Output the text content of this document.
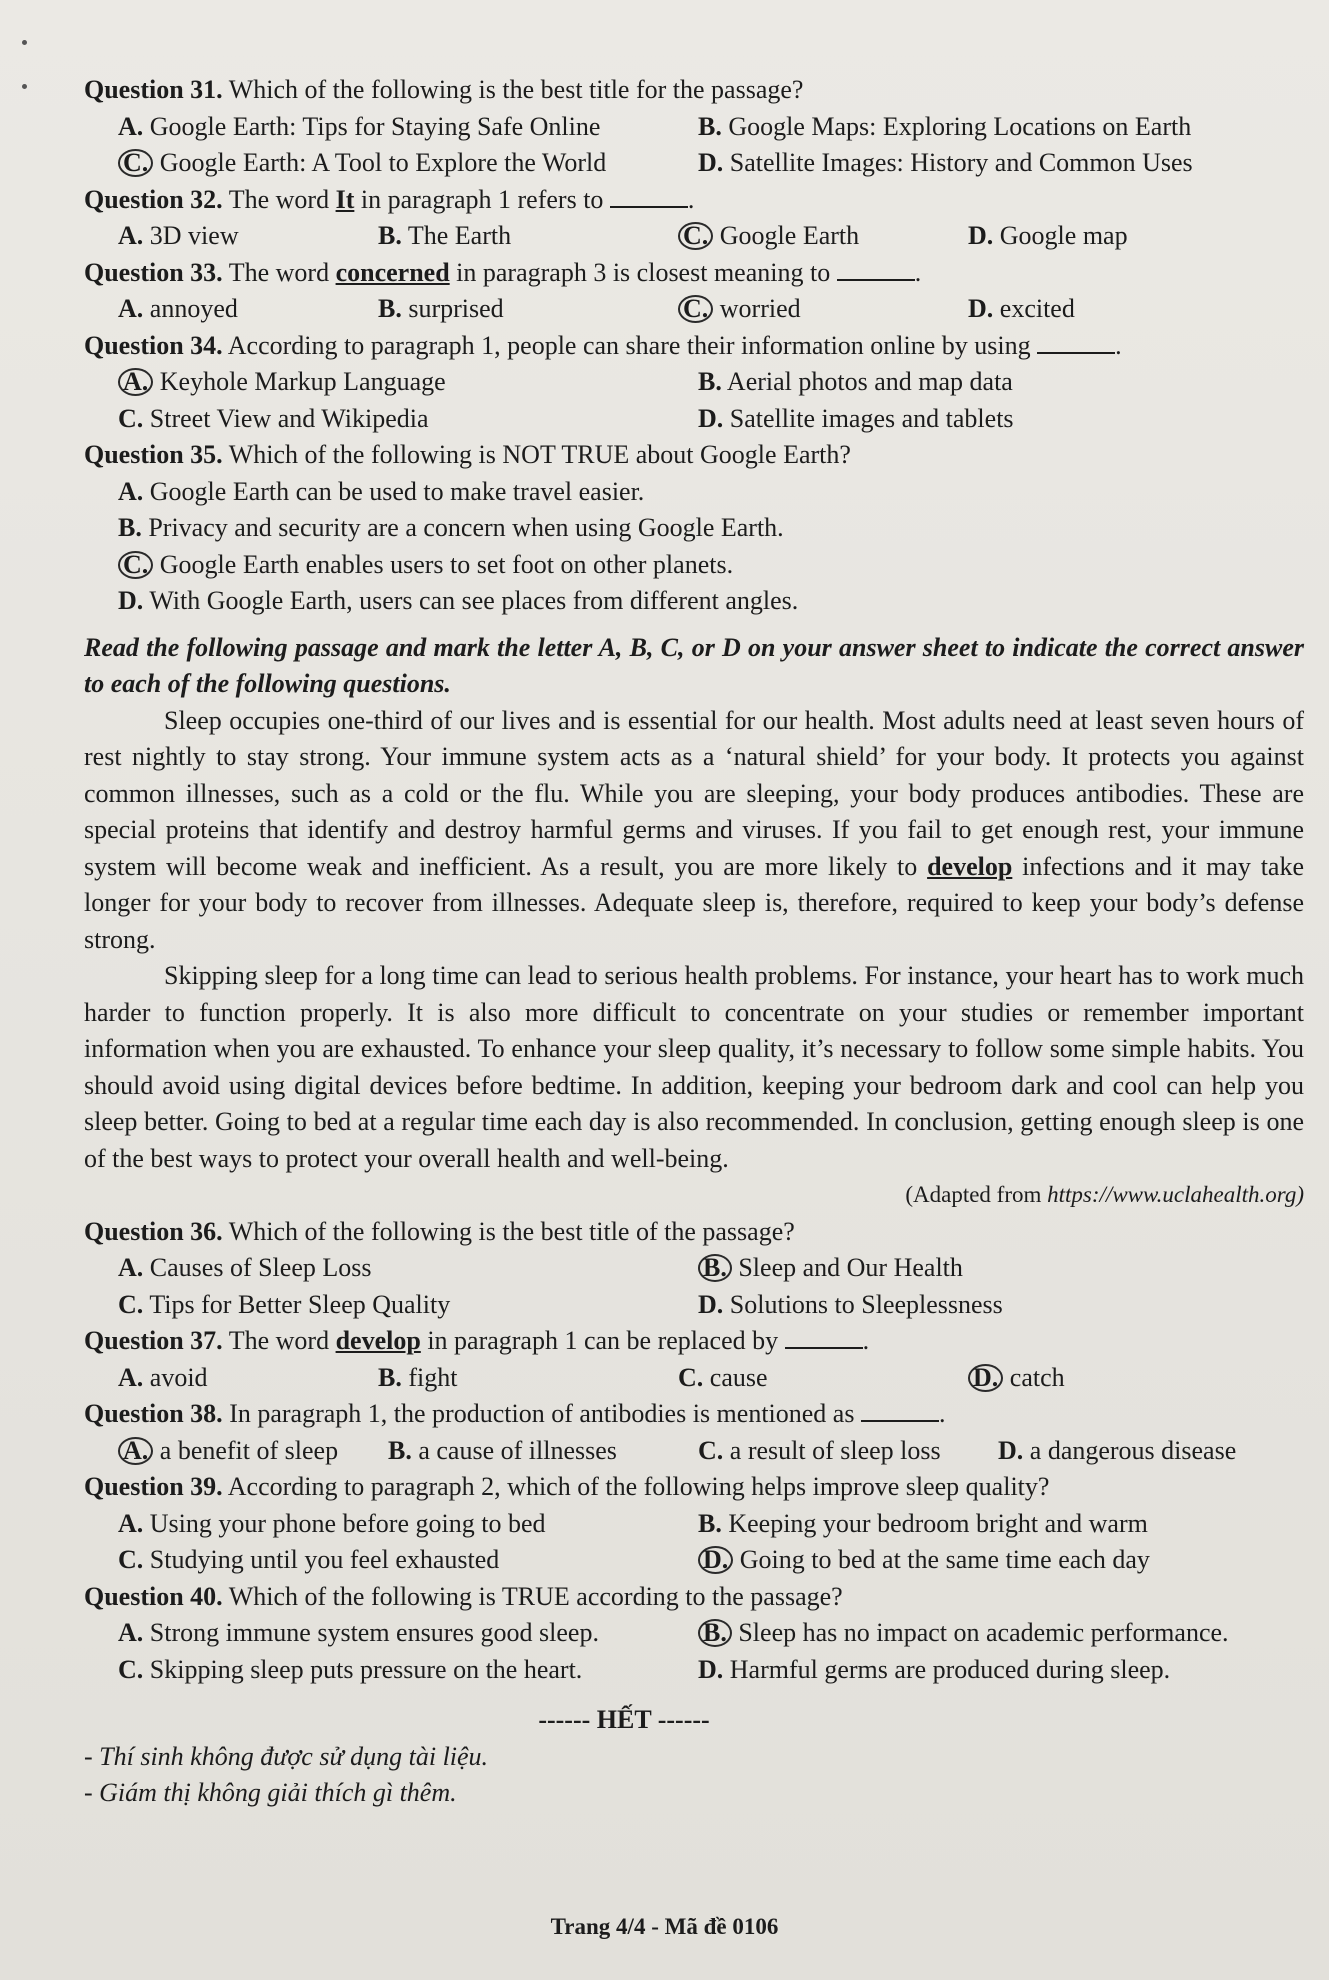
Question 31. Which of the following is the best title for the passage?

A. Google Earth: Tips for Staying Safe Online	B. Google Maps: Exploring Locations on Earth
C. Google Earth: A Tool to Explore the World	D. Satellite Images: History and Common Uses

Question 32. The word It in paragraph 1 refers to	.

A. 3D view	B. The Earth	C. Google Earth	D. Google map

Question 33. The word concerned in paragraph 3 is closest meaning to	.

A. annoyed	B. surprised	C. worried	D. excited

Question 34. According to paragraph 1, people can share their information online by using	.

A. Keyhole Markup Language	B. Aerial photos and map data
C. Street View and Wikipedia	D. Satellite images and tablets

Question 35. Which of the following is NOT TRUE about Google Earth?

A. Google Earth can be used to make travel easier.
B. Privacy and security are a concern when using Google Earth.
C. Google Earth enables users to set foot on other planets.
D. With Google Earth, users can see places from different angles.

Read the following passage and mark the letter A, B, C, or D on your answer sheet to indicate the correct answer to each of the following questions.

Sleep occupies one-third of our lives and is essential for our health. Most adults need at least seven hours of rest nightly to stay strong. Your immune system acts as a ‘natural shield’ for your body. It protects you against common illnesses, such as a cold or the flu. While you are sleeping, your body produces antibodies. These are special proteins that identify and destroy harmful germs and viruses. If you fail to get enough rest, your immune system will become weak and inefficient. As a result, you are more likely to develop infections and it may take longer for your body to recover from illnesses. Adequate sleep is, therefore, required to keep your body’s defense strong.

Skipping sleep for a long time can lead to serious health problems. For instance, your heart has to work much harder to function properly. It is also more difficult to concentrate on your studies or remember important information when you are exhausted. To enhance your sleep quality, it’s necessary to follow some simple habits. You should avoid using digital devices before bedtime. In addition, keeping your bedroom dark and cool can help you sleep better. Going to bed at a regular time each day is also recommended. In conclusion, getting enough sleep is one of the best ways to protect your overall health and well-being.

(Adapted from https://www.uclahealth.org)

Question 36. Which of the following is the best title of the passage?

A. Causes of Sleep Loss	B. Sleep and Our Health
C. Tips for Better Sleep Quality	D. Solutions to Sleeplessness

Question 37. The word develop in paragraph 1 can be replaced by	.

A. avoid	B. fight	C. cause	D. catch

Question 38. In paragraph 1, the production of antibodies is mentioned as	.

A. a benefit of sleep	B. a cause of illnesses	C. a result of sleep loss	D. a dangerous disease

Question 39. According to paragraph 2, which of the following helps improve sleep quality?

A. Using your phone before going to bed	B. Keeping your bedroom bright and warm
C. Studying until you feel exhausted	D. Going to bed at the same time each day

Question 40. Which of the following is TRUE according to the passage?

A. Strong immune system ensures good sleep.	B. Sleep has no impact on academic performance.
C. Skipping sleep puts pressure on the heart.	D. Harmful germs are produced during sleep.

------ HẾT ------

- Thí sinh không được sử dụng tài liệu.

- Giám thị không giải thích gì thêm.

Trang 4/4 - Mã đề 0106
